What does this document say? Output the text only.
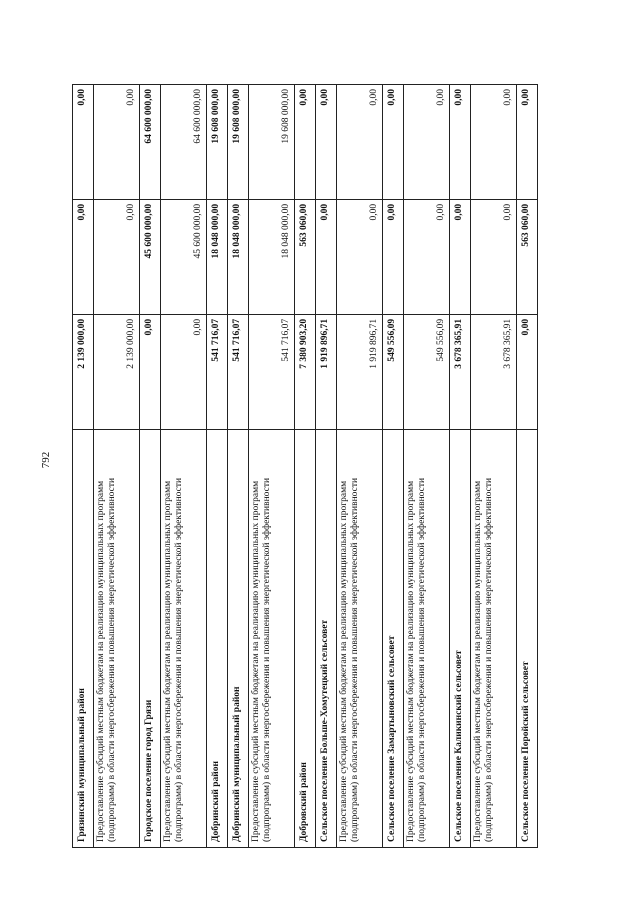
792
Грязинский муниципальный район	2 139 000,00	0,00	0,00
Предоставление субсидий местным бюджетам на реализацию муниципальных программ (подпрограмм) в области энергосбережения и повышения энергетической эффективности	2 139 000,00	0,00	0,00
Городское поселение город Грязи	0,00	45 600 000,00	64 600 000,00
Предоставление субсидий местным бюджетам на реализацию муниципальных программ (подпрограмм) в области энергосбережения и повышения энергетической эффективности	0,00	45 600 000,00	64 600 000,00
Добринский район	541 716,07	18 048 000,00	19 608 000,00
Добринский муниципальный район	541 716,07	18 048 000,00	19 608 000,00
Предоставление субсидий местным бюджетам на реализацию муниципальных программ (подпрограмм) в области энергосбережения и повышения энергетической эффективности	541 716,07	18 048 000,00	19 608 000,00
Добровский район	7 380 903,20	563 060,00	0,00
Сельское поселение Больше-Хомутецкий сельсовет	1 919 896,71	0,00	0,00
Предоставление субсидий местным бюджетам на реализацию муниципальных программ (подпрограмм) в области энергосбережения и повышения энергетической эффективности	1 919 896,71	0,00	0,00
Сельское поселение Замартыновский сельсовет	549 556,09	0,00	0,00
Предоставление субсидий местным бюджетам на реализацию муниципальных программ (подпрограмм) в области энергосбережения и повышения энергетической эффективности	549 556,09	0,00	0,00
Сельское поселение Каликинский сельсовет	3 678 365,91	0,00	0,00
Предоставление субсидий местным бюджетам на реализацию муниципальных программ (подпрограмм) в области энергосбережения и повышения энергетической эффективности	3 678 365,91	0,00	0,00
Сельское поселение Поройский сельсовет	0,00	563 060,00	0,00
